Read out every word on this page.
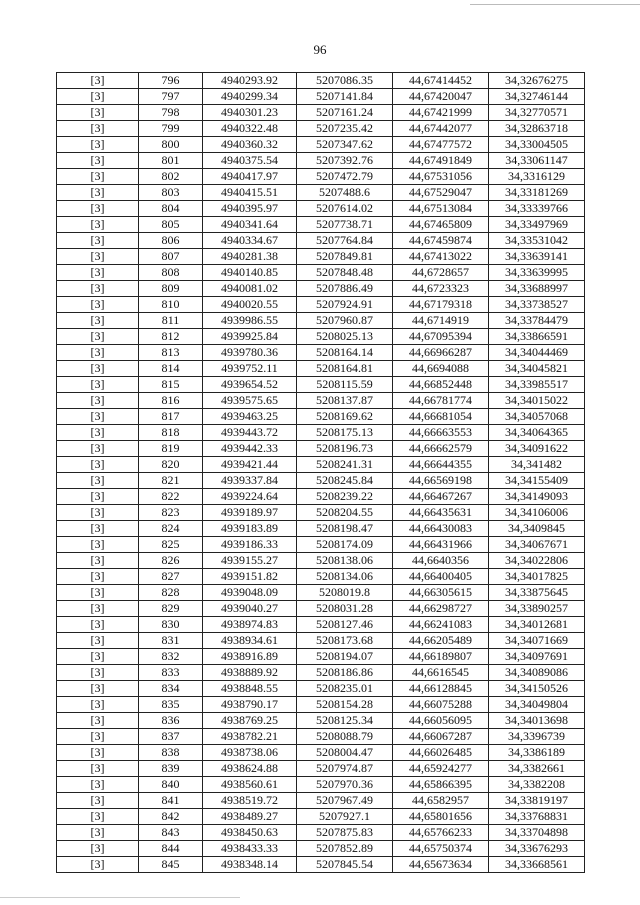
96
[3]	796	4940293.92	5207086.35	44,67414452	34,32676275
[3]	797	4940299.34	5207141.84	44,67420047	34,32746144
[3]	798	4940301.23	5207161.24	44,67421999	34,32770571
[3]	799	4940322.48	5207235.42	44,67442077	34,32863718
[3]	800	4940360.32	5207347.62	44,67477572	34,33004505
[3]	801	4940375.54	5207392.76	44,67491849	34,33061147
[3]	802	4940417.97	5207472.79	44,67531056	34,3316129
[3]	803	4940415.51	5207488.6	44,67529047	34,33181269
[3]	804	4940395.97	5207614.02	44,67513084	34,33339766
[3]	805	4940341.64	5207738.71	44,67465809	34,33497969
[3]	806	4940334.67	5207764.84	44,67459874	34,33531042
[3]	807	4940281.38	5207849.81	44,67413022	34,33639141
[3]	808	4940140.85	5207848.48	44,6728657	34,33639995
[3]	809	4940081.02	5207886.49	44,6723323	34,33688997
[3]	810	4940020.55	5207924.91	44,67179318	34,33738527
[3]	811	4939986.55	5207960.87	44,6714919	34,33784479
[3]	812	4939925.84	5208025.13	44,67095394	34,33866591
[3]	813	4939780.36	5208164.14	44,66966287	34,34044469
[3]	814	4939752.11	5208164.81	44,6694088	34,34045821
[3]	815	4939654.52	5208115.59	44,66852448	34,33985517
[3]	816	4939575.65	5208137.87	44,66781774	34,34015022
[3]	817	4939463.25	5208169.62	44,66681054	34,34057068
[3]	818	4939443.72	5208175.13	44,66663553	34,34064365
[3]	819	4939442.33	5208196.73	44,66662579	34,34091622
[3]	820	4939421.44	5208241.31	44,66644355	34,341482
[3]	821	4939337.84	5208245.84	44,66569198	34,34155409
[3]	822	4939224.64	5208239.22	44,66467267	34,34149093
[3]	823	4939189.97	5208204.55	44,66435631	34,34106006
[3]	824	4939183.89	5208198.47	44,66430083	34,3409845
[3]	825	4939186.33	5208174.09	44,66431966	34,34067671
[3]	826	4939155.27	5208138.06	44,6640356	34,34022806
[3]	827	4939151.82	5208134.06	44,66400405	34,34017825
[3]	828	4939048.09	5208019.8	44,66305615	34,33875645
[3]	829	4939040.27	5208031.28	44,66298727	34,33890257
[3]	830	4938974.83	5208127.46	44,66241083	34,34012681
[3]	831	4938934.61	5208173.68	44,66205489	34,34071669
[3]	832	4938916.89	5208194.07	44,66189807	34,34097691
[3]	833	4938889.92	5208186.86	44,6616545	34,34089086
[3]	834	4938848.55	5208235.01	44,66128845	34,34150526
[3]	835	4938790.17	5208154.28	44,66075288	34,34049804
[3]	836	4938769.25	5208125.34	44,66056095	34,34013698
[3]	837	4938782.21	5208088.79	44,66067287	34,3396739
[3]	838	4938738.06	5208004.47	44,66026485	34,3386189
[3]	839	4938624.88	5207974.87	44,65924277	34,3382661
[3]	840	4938560.61	5207970.36	44,65866395	34,3382208
[3]	841	4938519.72	5207967.49	44,6582957	34,33819197
[3]	842	4938489.27	5207927.1	44,65801656	34,33768831
[3]	843	4938450.63	5207875.83	44,65766233	34,33704898
[3]	844	4938433.33	5207852.89	44,65750374	34,33676293
[3]	845	4938348.14	5207845.54	44,65673634	34,33668561
